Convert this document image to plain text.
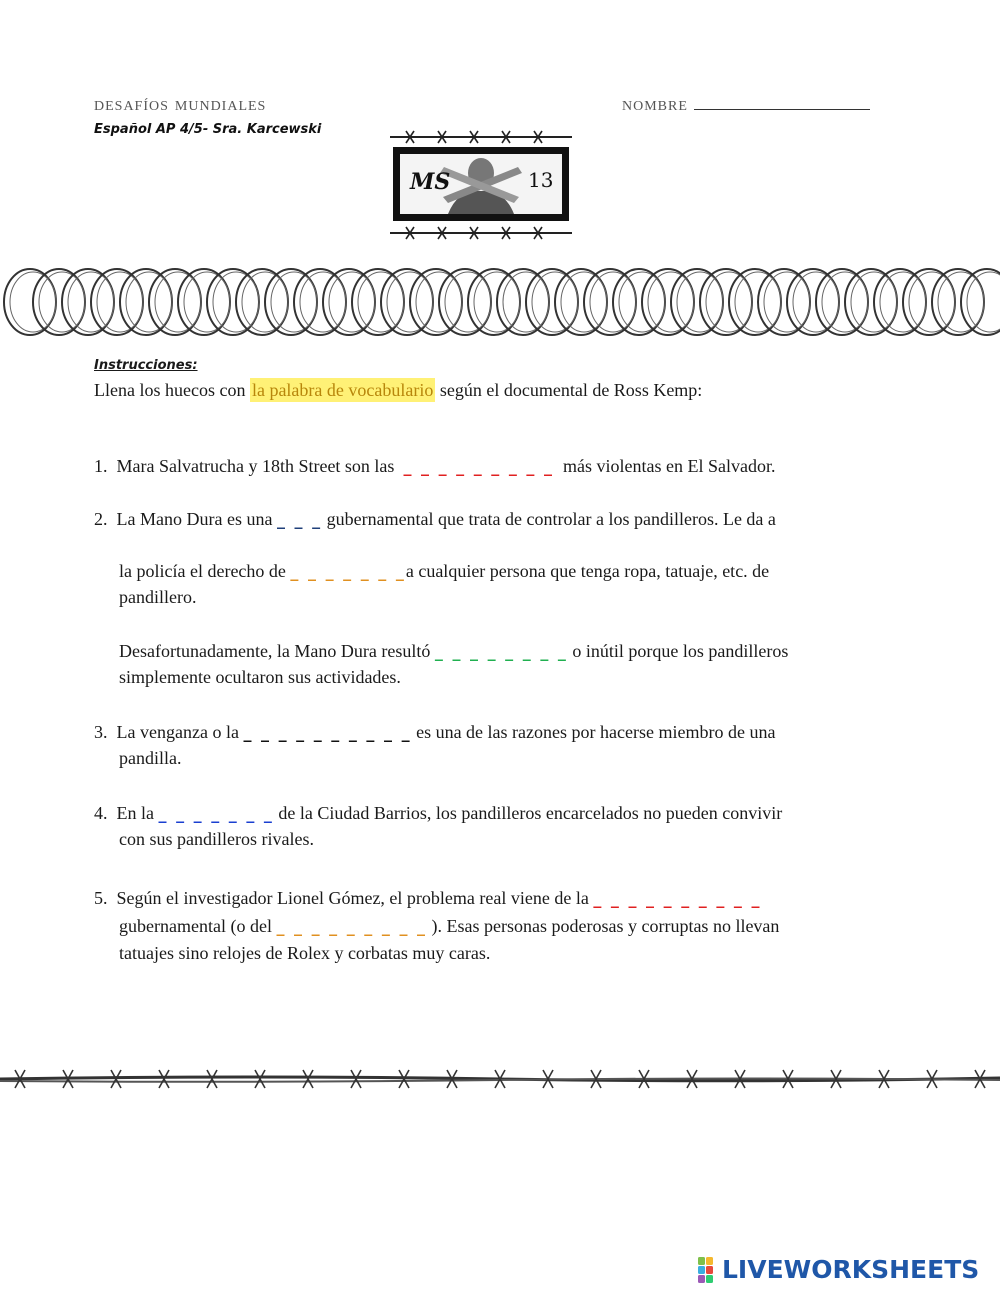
desafíos mundiales	nombre
Español AP 4/5- Sra. Karcewski
MS	13
Instrucciones:
Llena los huecos con la palabra de vocabulario según el documental de Ross Kemp:
1. Mara Salvatrucha y 18th Street son las _ _ _ _ _ _ _ _ _ más violentas en El Salvador.
2. La Mano Dura es una _ _ _ gubernamental que trata de controlar a los pandilleros. Le da a
la policía el derecho de _ _ _ _ _ _ _a cualquier persona que tenga ropa, tatuaje, etc. de
pandillero.
Desafortunadamente, la Mano Dura resultó _ _ _ _ _ _ _ _ o inútil porque los pandilleros
simplemente ocultaron sus actividades.
3. La venganza o la _ _ _ _ _ _ _ _ _ _ es una de las razones por hacerse miembro de una
pandilla.
4. En la _ _ _ _ _ _ _ de la Ciudad Barrios, los pandilleros encarcelados no pueden convivir
con sus pandilleros rivales.
5. Según el investigador Lionel Gómez, el problema real viene de la _ _ _ _ _ _ _ _ _ _
gubernamental (o del _ _ _ _ _ _ _ _ _ ). Esas personas poderosas y corruptas no llevan
tatuajes sino relojes de Rolex y corbatas muy caras.
LIVEWORKSHEETS
